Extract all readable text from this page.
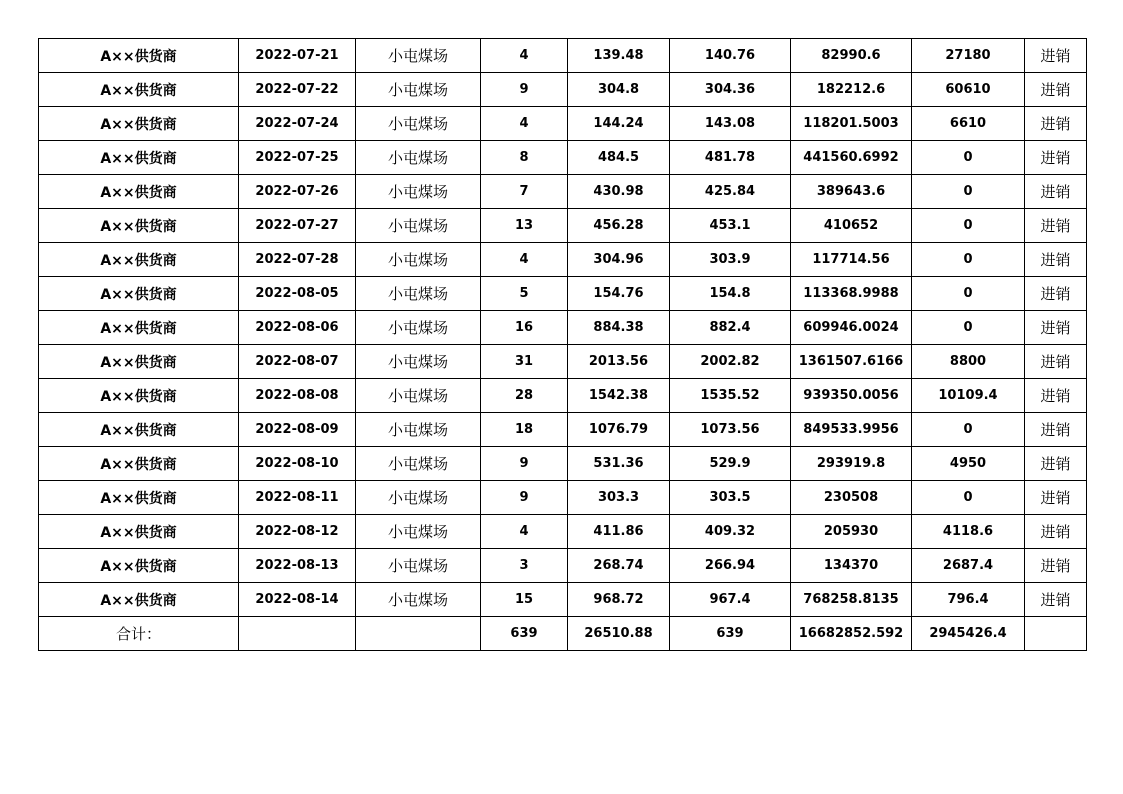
A××供货商	2022-07-21	小屯煤场	4	139.48	140.76	82990.6	27180	进销
A××供货商	2022-07-22	小屯煤场	9	304.8	304.36	182212.6	60610	进销
A××供货商	2022-07-24	小屯煤场	4	144.24	143.08	118201.5003	6610	进销
A××供货商	2022-07-25	小屯煤场	8	484.5	481.78	441560.6992	0	进销
A××供货商	2022-07-26	小屯煤场	7	430.98	425.84	389643.6	0	进销
A××供货商	2022-07-27	小屯煤场	13	456.28	453.1	410652	0	进销
A××供货商	2022-07-28	小屯煤场	4	304.96	303.9	117714.56	0	进销
A××供货商	2022-08-05	小屯煤场	5	154.76	154.8	113368.9988	0	进销
A××供货商	2022-08-06	小屯煤场	16	884.38	882.4	609946.0024	0	进销
A××供货商	2022-08-07	小屯煤场	31	2013.56	2002.82	1361507.6166	8800	进销
A××供货商	2022-08-08	小屯煤场	28	1542.38	1535.52	939350.0056	10109.4	进销
A××供货商	2022-08-09	小屯煤场	18	1076.79	1073.56	849533.9956	0	进销
A××供货商	2022-08-10	小屯煤场	9	531.36	529.9	293919.8	4950	进销
A××供货商	2022-08-11	小屯煤场	9	303.3	303.5	230508	0	进销
A××供货商	2022-08-12	小屯煤场	4	411.86	409.32	205930	4118.6	进销
A××供货商	2022-08-13	小屯煤场	3	268.74	266.94	134370	2687.4	进销
A××供货商	2022-08-14	小屯煤场	15	968.72	967.4	768258.8135	796.4	进销
合计：			639	26510.88	639	16682852.592	2945426.4	
